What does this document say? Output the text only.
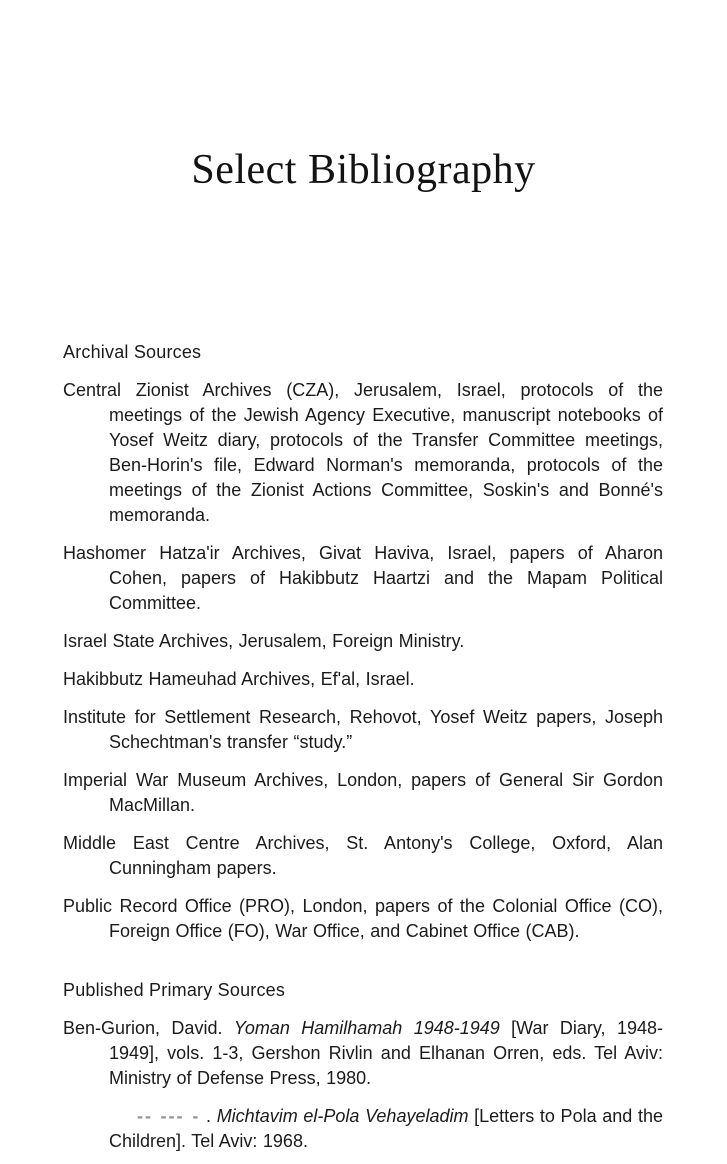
Select Bibliography
Archival Sources

Central Zionist Archives (CZA), Jerusalem, Israel, protocols of the meetings of the Jewish Agency Executive, manuscript notebooks of Yosef Weitz diary, protocols of the Transfer Committee meetings, Ben-Horin's file, Edward Norman's memoranda, protocols of the meetings of the Zionist Actions Committee, Soskin's and Bonné's memoranda.

Hashomer Hatza'ir Archives, Givat Haviva, Israel, papers of Aharon Cohen, papers of Hakibbutz Haartzi and the Mapam Political Committee.

Israel State Archives, Jerusalem, Foreign Ministry.

Hakibbutz Hameuhad Archives, Ef'al, Israel.

Institute for Settlement Research, Rehovot, Yosef Weitz papers, Joseph Schechtman's transfer “study.”

Imperial War Museum Archives, London, papers of General Sir Gordon MacMillan.

Middle East Centre Archives, St. Antony's College, Oxford, Alan Cunningham papers.

Public Record Office (PRO), London, papers of the Colonial Office (CO), Foreign Office (FO), War Office, and Cabinet Office (CAB).

Published Primary Sources

Ben-Gurion, David. Yoman Hamilhamah 1948-1949 [War Diary, 1948-1949], vols. 1-3, Gershon Rivlin and Elhanan Orren, eds. Tel Aviv: Ministry of Defense Press, 1980.

-- --- - . Michtavim el-Pola Vehayeladim [Letters to Pola and the Children]. Tel Aviv: 1968.
